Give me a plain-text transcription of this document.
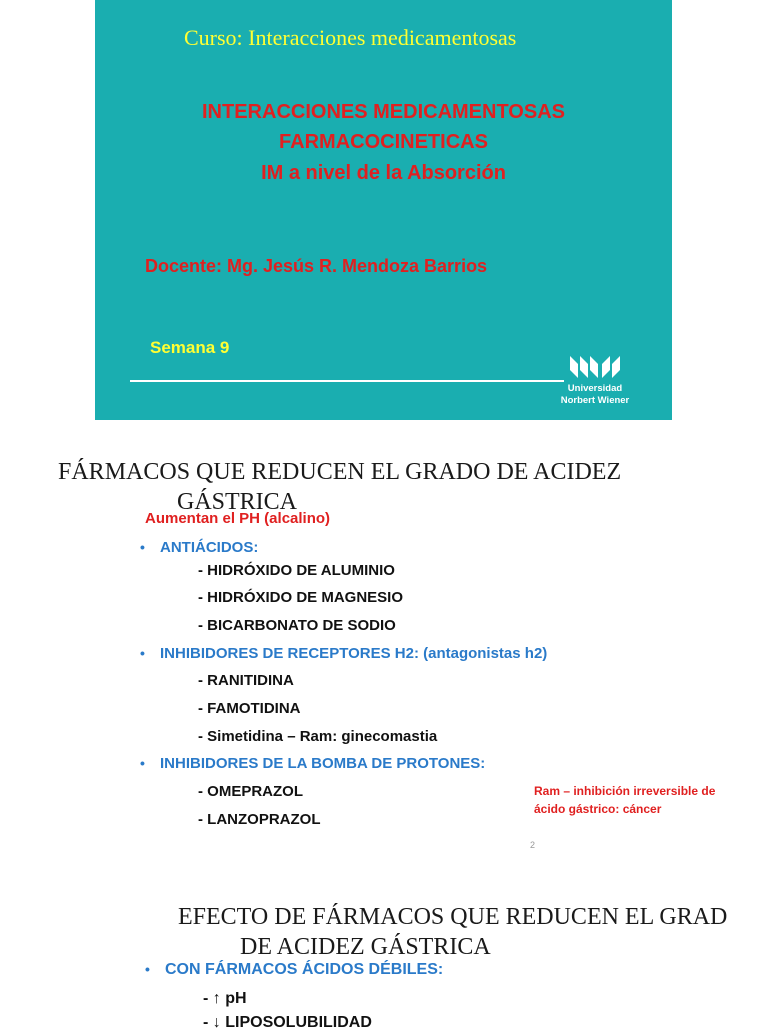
Curso: Interacciones medicamentosas
INTERACCIONES MEDICAMENTOSAS
FARMACOCINETICAS
IM a nivel de la Absorción
Docente: Mg. Jesús R. Mendoza Barrios
Semana 9
Universidad
Norbert Wiener
FÁRMACOS QUE REDUCEN EL GRADO DE ACIDEZ
GÁSTRICA
Aumentan el PH (alcalino)
• ANTIÁCIDOS:
- HIDRÓXIDO DE ALUMINIO
- HIDRÓXIDO DE MAGNESIO
- BICARBONATO DE SODIO
• INHIBIDORES DE RECEPTORES H2: (antagonistas h2)
- RANITIDINA
- FAMOTIDINA
- Simetidina – Ram: ginecomastia
• INHIBIDORES DE LA BOMBA DE PROTONES:
- OMEPRAZOL
- LANZOPRAZOL
Ram – inhibición irreversible de
ácido gástrico: cáncer
2
EFECTO DE FÁRMACOS QUE REDUCEN EL GRAD
DE ACIDEZ GÁSTRICA
• CON FÁRMACOS ÁCIDOS DÉBILES:
- ↑ pH
- ↓ LIPOSOLUBILIDAD
